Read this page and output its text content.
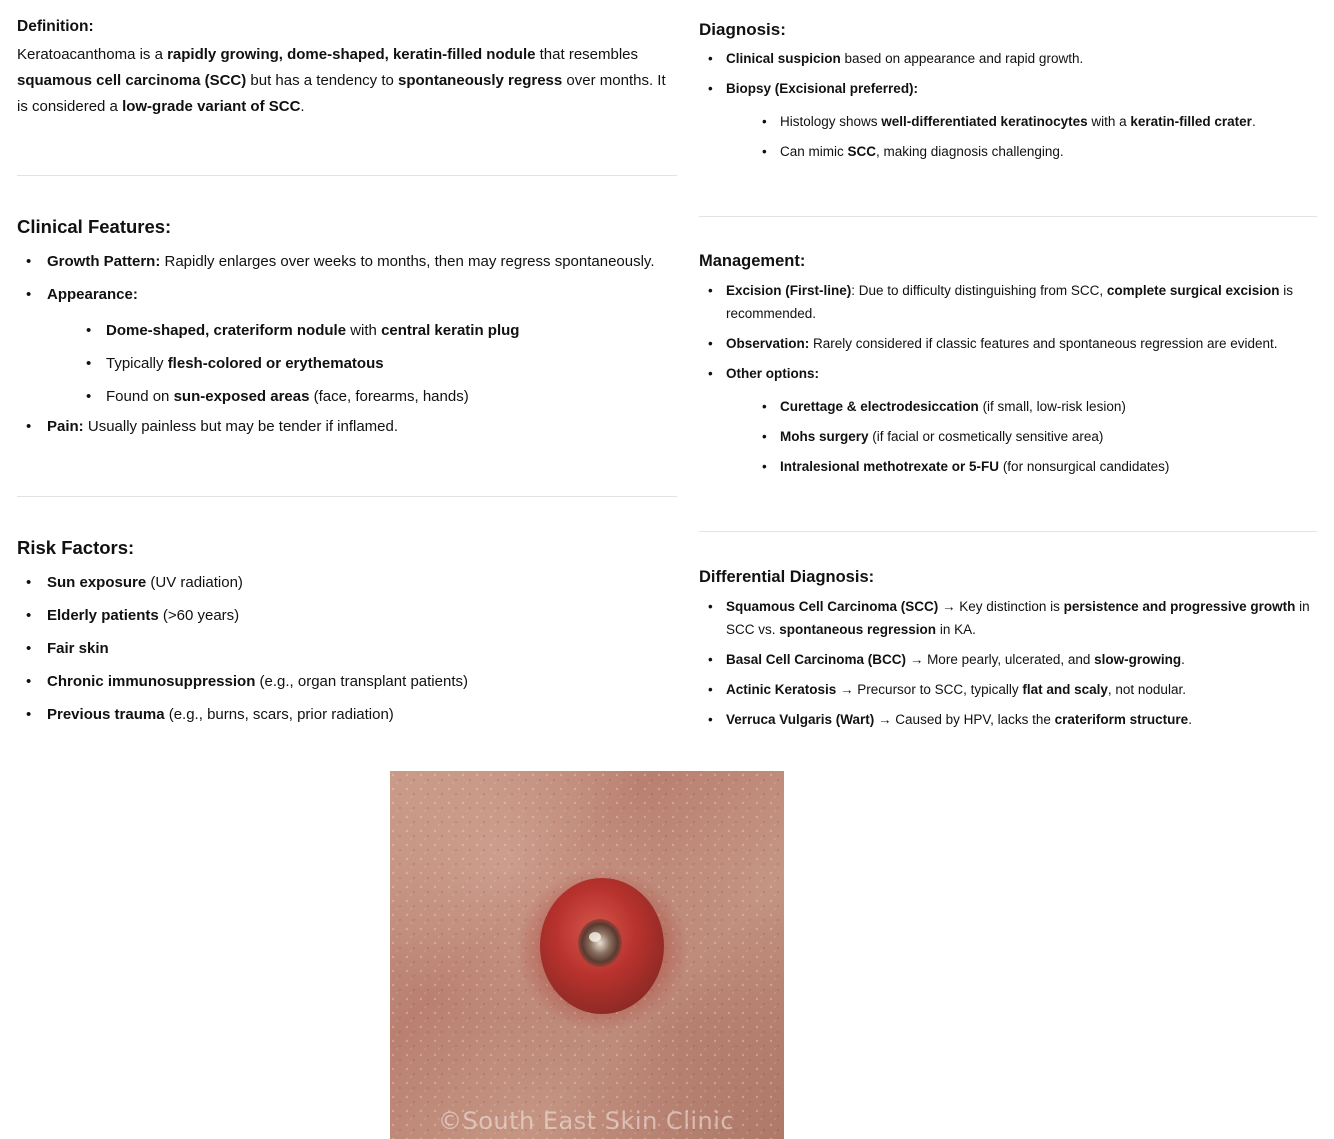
Definition:

Keratoacanthoma is a rapidly growing, dome-shaped, keratin-filled nodule that resembles squamous cell carcinoma (SCC) but has a tendency to spontaneously regress over months. It is considered a low-grade variant of SCC.

Clinical Features:
• Growth Pattern: Rapidly enlarges over weeks to months, then may regress spontaneously.
• Appearance:
• Dome-shaped, crateriform nodule with central keratin plug
• Typically flesh-colored or erythematous
• Found on sun-exposed areas (face, forearms, hands)
• Pain: Usually painless but may be tender if inflamed.
Risk Factors:
• Sun exposure (UV radiation)
• Elderly patients (>60 years)
• Fair skin
• Chronic immunosuppression (e.g., organ transplant patients)
• Previous trauma (e.g., burns, scars, prior radiation)
Diagnosis:
• Clinical suspicion based on appearance and rapid growth.
• Biopsy (Excisional preferred):
• Histology shows well-differentiated keratinocytes with a keratin-filled crater.
• Can mimic SCC, making diagnosis challenging.
Management:
• Excision (First-line): Due to difficulty distinguishing from SCC, complete surgical excision is recommended.
• Observation: Rarely considered if classic features and spontaneous regression are evident.
• Other options:
• Curettage & electrodesiccation (if small, low-risk lesion)
• Mohs surgery (if facial or cosmetically sensitive area)
• Intralesional methotrexate or 5-FU (for nonsurgical candidates)
Differential Diagnosis:
• Squamous Cell Carcinoma (SCC) → Key distinction is persistence and progressive growth in SCC vs. spontaneous regression in KA.
• Basal Cell Carcinoma (BCC) → More pearly, ulcerated, and slow-growing.
• Actinic Keratosis → Precursor to SCC, typically flat and scaly, not nodular.
• Verruca Vulgaris (Wart) → Caused by HPV, lacks the crateriform structure.
©South East Skin Clinic
